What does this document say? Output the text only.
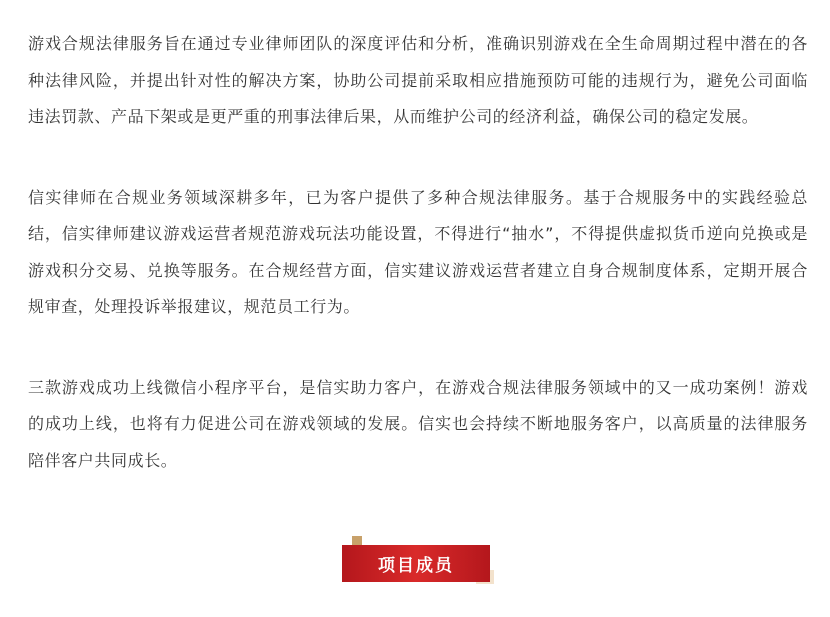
游戏合规法律服务旨在通过专业律师团队的深度评估和分析，准确识别游戏在全生命周期过程中潜在的各种法律风险，并提出针对性的解决方案，协助公司提前采取相应措施预防可能的违规行为，避免公司面临违法罚款、产品下架或是更严重的刑事法律后果，从而维护公司的经济利益，确保公司的稳定发展。

信实律师在合规业务领域深耕多年，已为客户提供了多种合规法律服务。基于合规服务中的实践经验总结，信实律师建议游戏运营者规范游戏玩法功能设置，不得进行“抽水”，不得提供虚拟货币逆向兑换或是游戏积分交易、兑换等服务。在合规经营方面，信实建议游戏运营者建立自身合规制度体系，定期开展合规审查，处理投诉举报建议，规范员工行为。

三款游戏成功上线微信小程序平台，是信实助力客户，在游戏合规法律服务领域中的又一成功案例！游戏的成功上线，也将有力促进公司在游戏领域的发展。信实也会持续不断地服务客户，以高质量的法律服务陪伴客户共同成长。

项目成员
